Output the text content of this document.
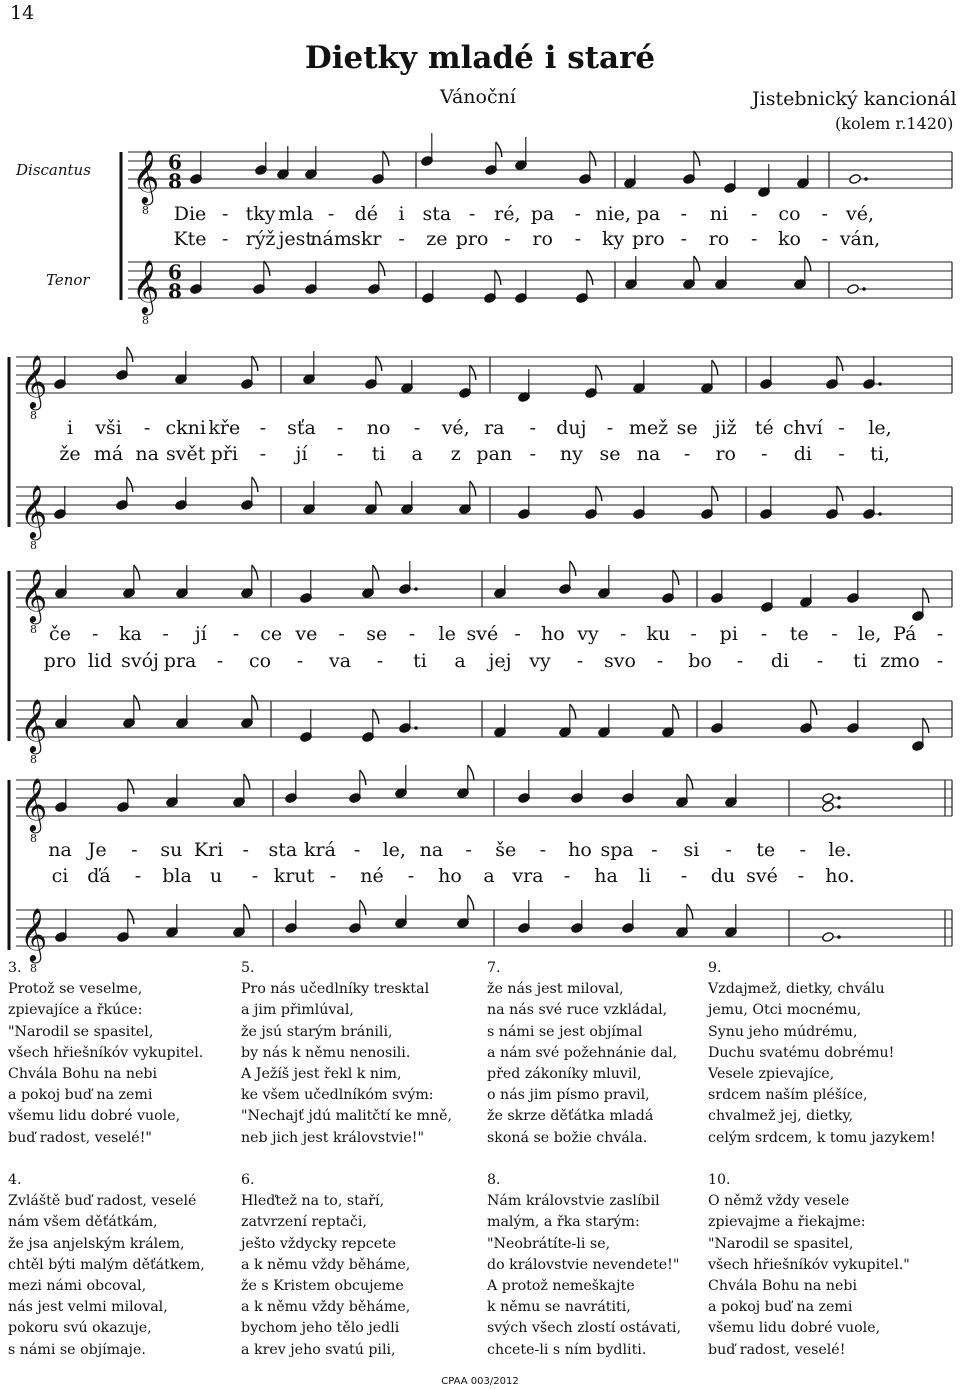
14
Dietky mladé i staré
Vánoční	Jistebnický kancionál
(kolem r.1420)
Discantus
Tenor
𝄞
8
6
8
𝄞
8
6
8
Die - tky mla - dé i sta - ré, pa - nie, pa - ni - co - vé,
Kte - rýž jest
nám skr - ze pro - ro - ky pro - ro - ko - ván,
𝄞
8
𝄞
8
i vši - ckni kře - sťa - no - vé, ra - duj - mež se již té chví - le,
že má na svět při - jí - ti a z pan - ny se na - ro - di - ti,
𝄞
8
𝄞
8
če - ka - jí - ce ve - se - le své - ho vy - ku - pi - te - le, Pá -
pro lid svój pra - co - va - ti a jej vy - svo - bo - di - ti zmo -
𝄞
8
𝄞
8
na Je - su Kri - sta krá - le, na - še - ho spa - si - te - le.
ci ďá - bla u - krut - né - ho a vra - ha li - du své - ho.
3.
Protož se veselme,
zpievajíce a řkúce:
"Narodil se spasitel,
všech hřiešníkóv vykupitel.
Chvála Bohu na nebi
a pokoj buď na zemi
všemu lidu dobré vuole,
buď radost, veselé!"
5.
Pro nás učedlníky tresktal
a jim přimlúval,
že jsú starým bránili,
by nás k němu nenosili.
A Ježíš jest řekl k nim,
ke všem učedlníkóm svým:
"Nechajť jdú malitčtí ke mně,
neb jich jest královstvie!"
7.
že nás jest miloval,
na nás své ruce vzkládal,
s námi se jest objímal
a nám své požehnánie dal,
před zákoníky mluvil,
o nás jim písmo pravil,
že skrze děťátka mladá
skoná se božie chvála.
9.
Vzdajmež, dietky, chválu
jemu, Otci mocnému,
Synu jeho múdrému,
Duchu svatému dobrému!
Vesele zpievajíce,
srdcem naším pléšíce,
chvalmež jej, dietky,
celým srdcem, k tomu jazykem!
4.
Zvláště buď radost, veselé
nám všem děťátkám,
že jsa anjelským králem,
chtěl býti malým děťátkem,
mezi námi obcoval,
nás jest velmi miloval,
pokoru svú okazuje,
s námi se objímaje.
6.
Hleďtež na to, staří,
zatvrzení reptači,
ješto vždycky repcete
a k němu vždy běháme,
že s Kristem obcujeme
a k němu vždy běháme,
bychom jeho tělo jedli
a krev jeho svatú pili,
8.
Nám královstvie zaslíbil
malým, a řka starým:
"Neobrátíte-li se,
do královstvie nevendete!"
A protož nemeškajte
k němu se navrátiti,
svých všech zlostí ostávati,
chcete-li s ním bydliti.
10.
O němž vždy vesele
zpievajme a řiekajme:
"Narodil se spasitel,
všech hřiešníkóv vykupitel."
Chvála Bohu na nebi
a pokoj buď na zemi
všemu lidu dobré vuole,
buď radost, veselé!
CPAA 003/2012
